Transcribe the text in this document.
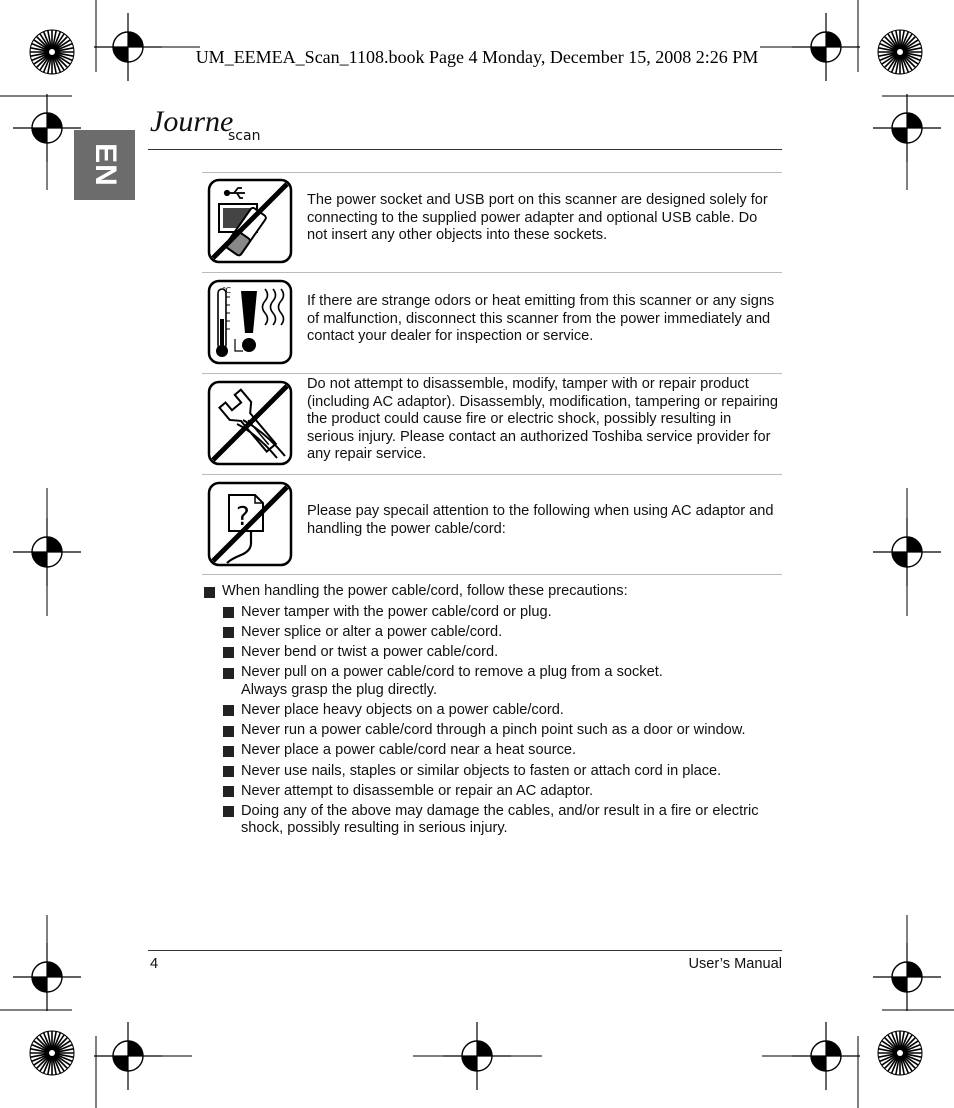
UM_EEMEA_Scan_1108.book Page 4 Monday, December 15, 2008 2:26 PM
Journe
scan
EN
The power socket and USB port on this scanner are designed solely for connecting to the supplied power adapter and optional USB cable. Do not insert any other objects into these sockets.
℃
If there are strange odors or heat emitting from this scanner or any signs of malfunction, disconnect this scanner from the power immediately and contact your dealer for inspection or service.
Do not attempt to disassemble, modify, tamper with or repair product (including AC adaptor). Disassembly, modification, tampering or repairing the product could cause fire or electric shock, possibly resulting in serious injury. Please contact an authorized Toshiba service provider for any repair service.
?	Please pay specail attention to the following when using AC adaptor and handling the power cable/cord:
When handling the power cable/cord, follow these precautions:
Never tamper with the power cable/cord or plug.
Never splice or alter a power cable/cord.
Never bend or twist a power cable/cord.
Never pull on a power cable/cord to remove a plug from a socket.
Always grasp the plug directly.
Never place heavy objects on a power cable/cord.
Never run a power cable/cord through a pinch point such as a door or window.
Never place a power cable/cord near a heat source.
Never use nails, staples or similar objects to fasten or attach cord in place.
Never attempt to disassemble or repair an AC adaptor.
Doing any of the above may damage the cables, and/or result in a fire or electric shock, possibly resulting in serious injury.
4	User’s Manual
